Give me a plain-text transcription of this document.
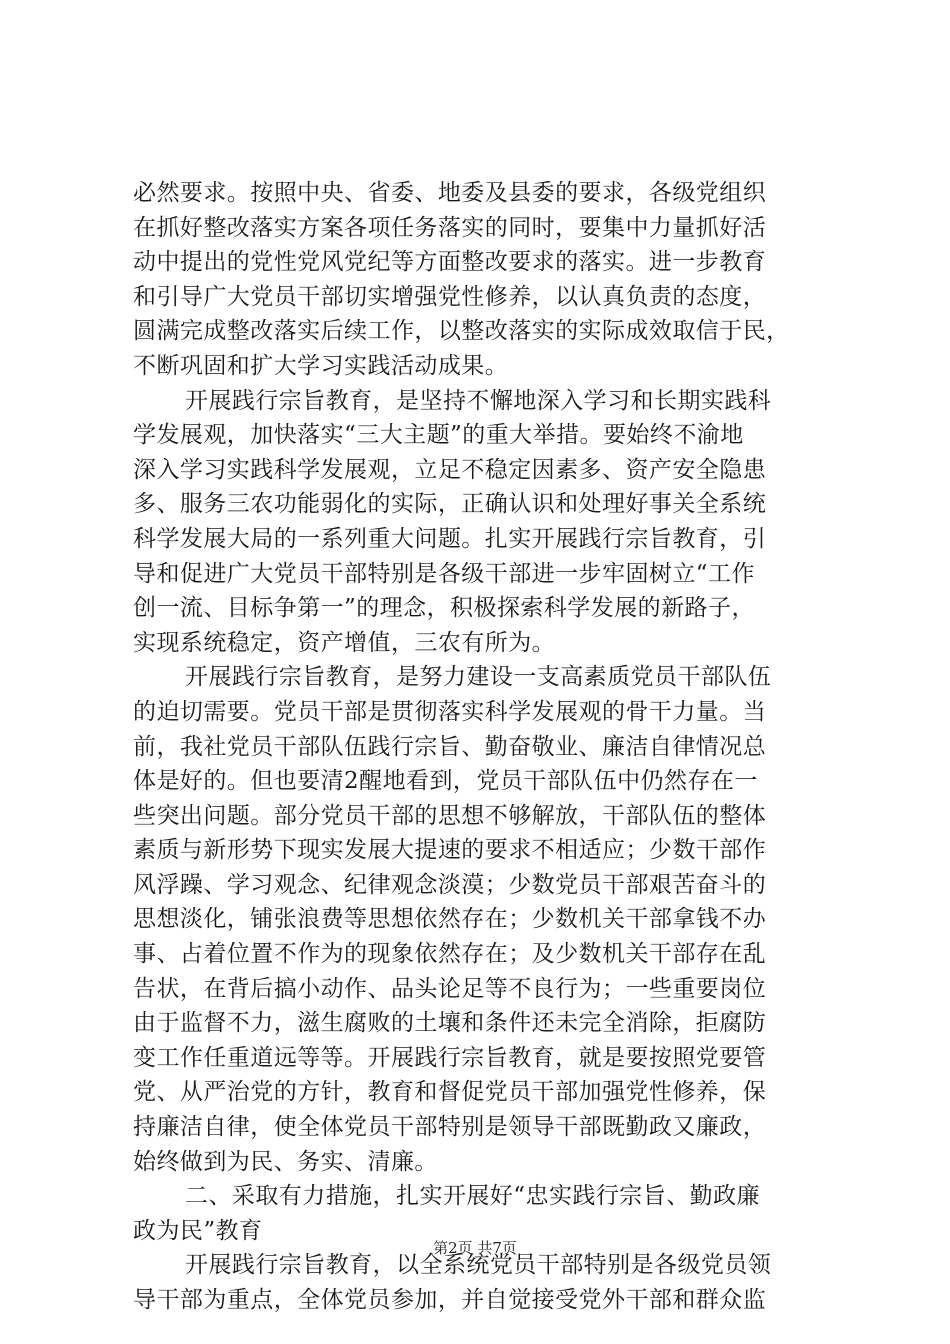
必然要求。按照中央、省委、地委及县委的要求，各级党组织
在抓好整改落实方案各项任务落实的同时，要集中力量抓好活
动中提出的党性党风党纪等方面整改要求的落实。进一步教育
和引导广大党员干部切实增强党性修养，以认真负责的态度，
圆满完成整改落实后续工作，以整改落实的实际成效取信于民，
不断巩固和扩大学习实践活动成果。
开展践行宗旨教育，是坚持不懈地深入学习和长期实践科
学发展观，加快落实“三大主题”的重大举措。要始终不渝地
深入学习实践科学发展观，立足不稳定因素多、资产安全隐患
多、服务三农功能弱化的实际，正确认识和处理好事关全系统
科学发展大局的一系列重大问题。扎实开展践行宗旨教育，引
导和促进广大党员干部特别是各级干部进一步牢固树立“工作
创一流、目标争第一”的理念，积极探索科学发展的新路子，
实现系统稳定，资产增值，三农有所为。
开展践行宗旨教育，是努力建设一支高素质党员干部队伍
的迫切需要。党员干部是贯彻落实科学发展观的骨干力量。当
前，我社党员干部队伍践行宗旨、勤奋敬业、廉洁自律情况总
体是好的。但也要清2醒地看到，党员干部队伍中仍然存在一
些突出问题。部分党员干部的思想不够解放，干部队伍的整体
素质与新形势下现实发展大提速的要求不相适应；少数干部作
风浮躁、学习观念、纪律观念淡漠；少数党员干部艰苦奋斗的
思想淡化，铺张浪费等思想依然存在；少数机关干部拿钱不办
事、占着位置不作为的现象依然存在；及少数机关干部存在乱
告状，在背后搞小动作、品头论足等不良行为；一些重要岗位
由于监督不力，滋生腐败的土壤和条件还未完全消除，拒腐防
变工作任重道远等等。开展践行宗旨教育，就是要按照党要管
党、从严治党的方针，教育和督促党员干部加强党性修养，保
持廉洁自律，使全体党员干部特别是领导干部既勤政又廉政，
始终做到为民、务实、清廉。
二、采取有力措施，扎实开展好“忠实践行宗旨、勤政廉
政为民”教育
开展践行宗旨教育，以全系统党员干部特别是各级党员领
导干部为重点，全体党员参加，并自觉接受党外干部和群众监
第2页 共7页
